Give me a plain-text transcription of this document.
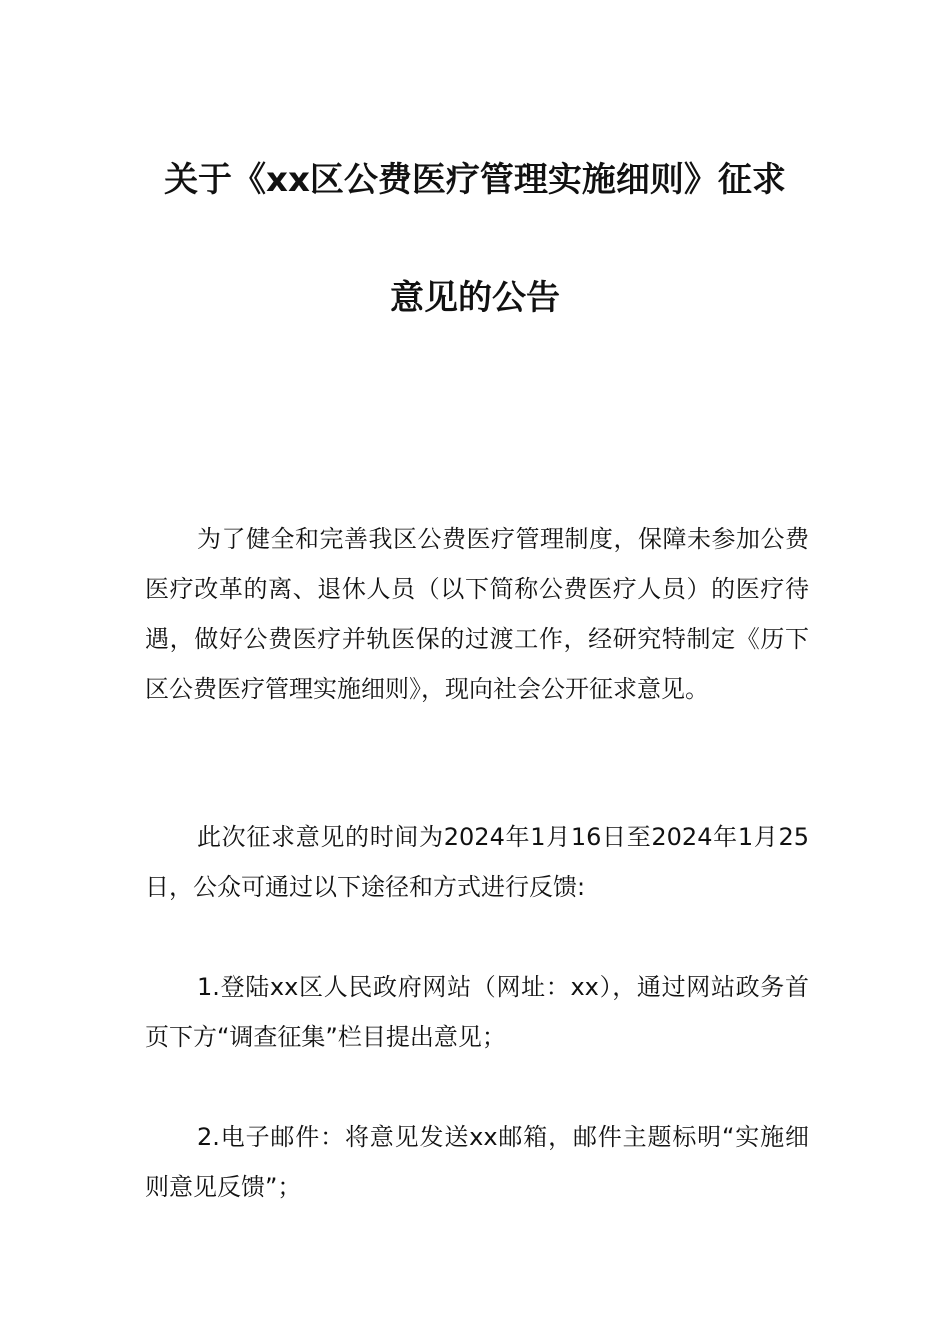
关于《xx区公费医疗管理实施细则》征求
意见的公告

为了健全和完善我区公费医疗管理制度，保障未参加公费医疗改革的离、退休人员（以下简称公费医疗人员）的医疗待遇，做好公费医疗并轨医保的过渡工作，经研究特制定《历下区公费医疗管理实施细则》，现向社会公开征求意见。

此次征求意见的时间为2024年1月16日至2024年1月25日，公众可通过以下途径和方式进行反馈:

1.登陆xx区人民政府网站（网址：xx），通过网站政务首页下方“调查征集”栏目提出意见；

2.电子邮件：将意见发送xx邮箱，邮件主题标明“实施细则意见反馈”；
